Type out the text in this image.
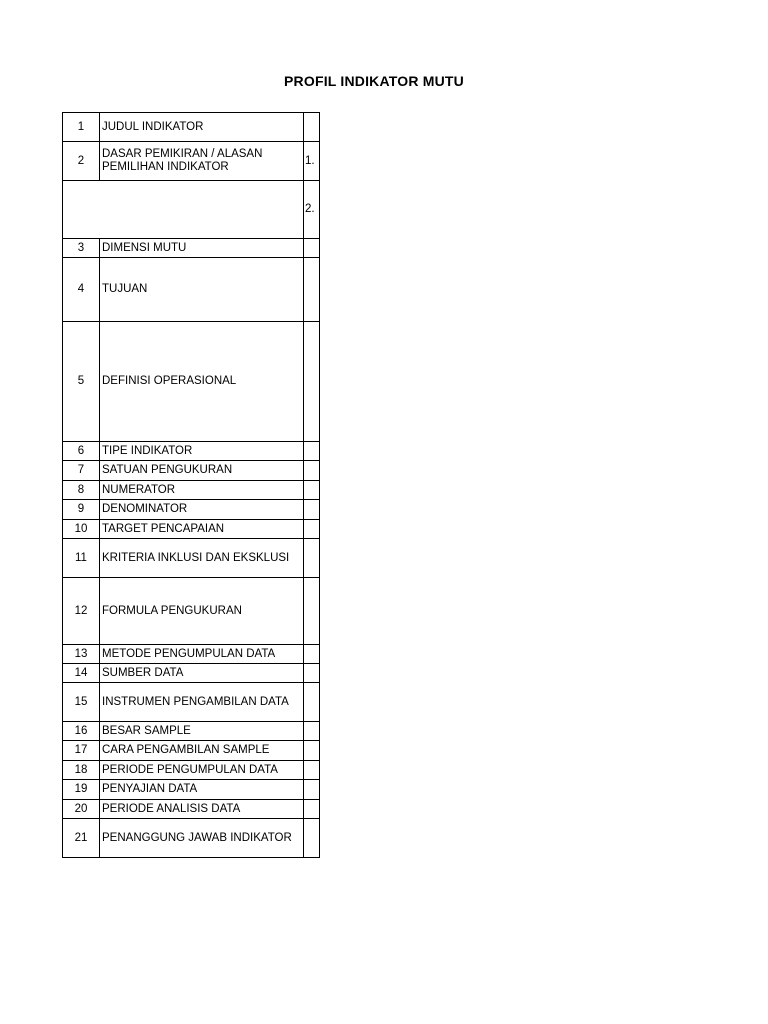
PROFIL INDIKATOR MUTU
1	JUDUL INDIKATOR	
2	DASAR PEMIKIRAN / ALASAN PEMILIHAN INDIKATOR	1.
		2.
3	DIMENSI MUTU	
4	TUJUAN	
5	DEFINISI OPERASIONAL	
6	TIPE INDIKATOR	
7	SATUAN PENGUKURAN	
8	NUMERATOR	
9	DENOMINATOR	
10	TARGET PENCAPAIAN	
11	KRITERIA INKLUSI DAN EKSKLUSI	
12	FORMULA PENGUKURAN	
13	METODE PENGUMPULAN DATA	
14	SUMBER DATA	
15	INSTRUMEN PENGAMBILAN DATA	
16	BESAR SAMPLE	
17	CARA PENGAMBILAN SAMPLE	
18	PERIODE PENGUMPULAN DATA	
19	PENYAJIAN DATA	
20	PERIODE ANALISIS DATA	
21	PENANGGUNG JAWAB INDIKATOR	
